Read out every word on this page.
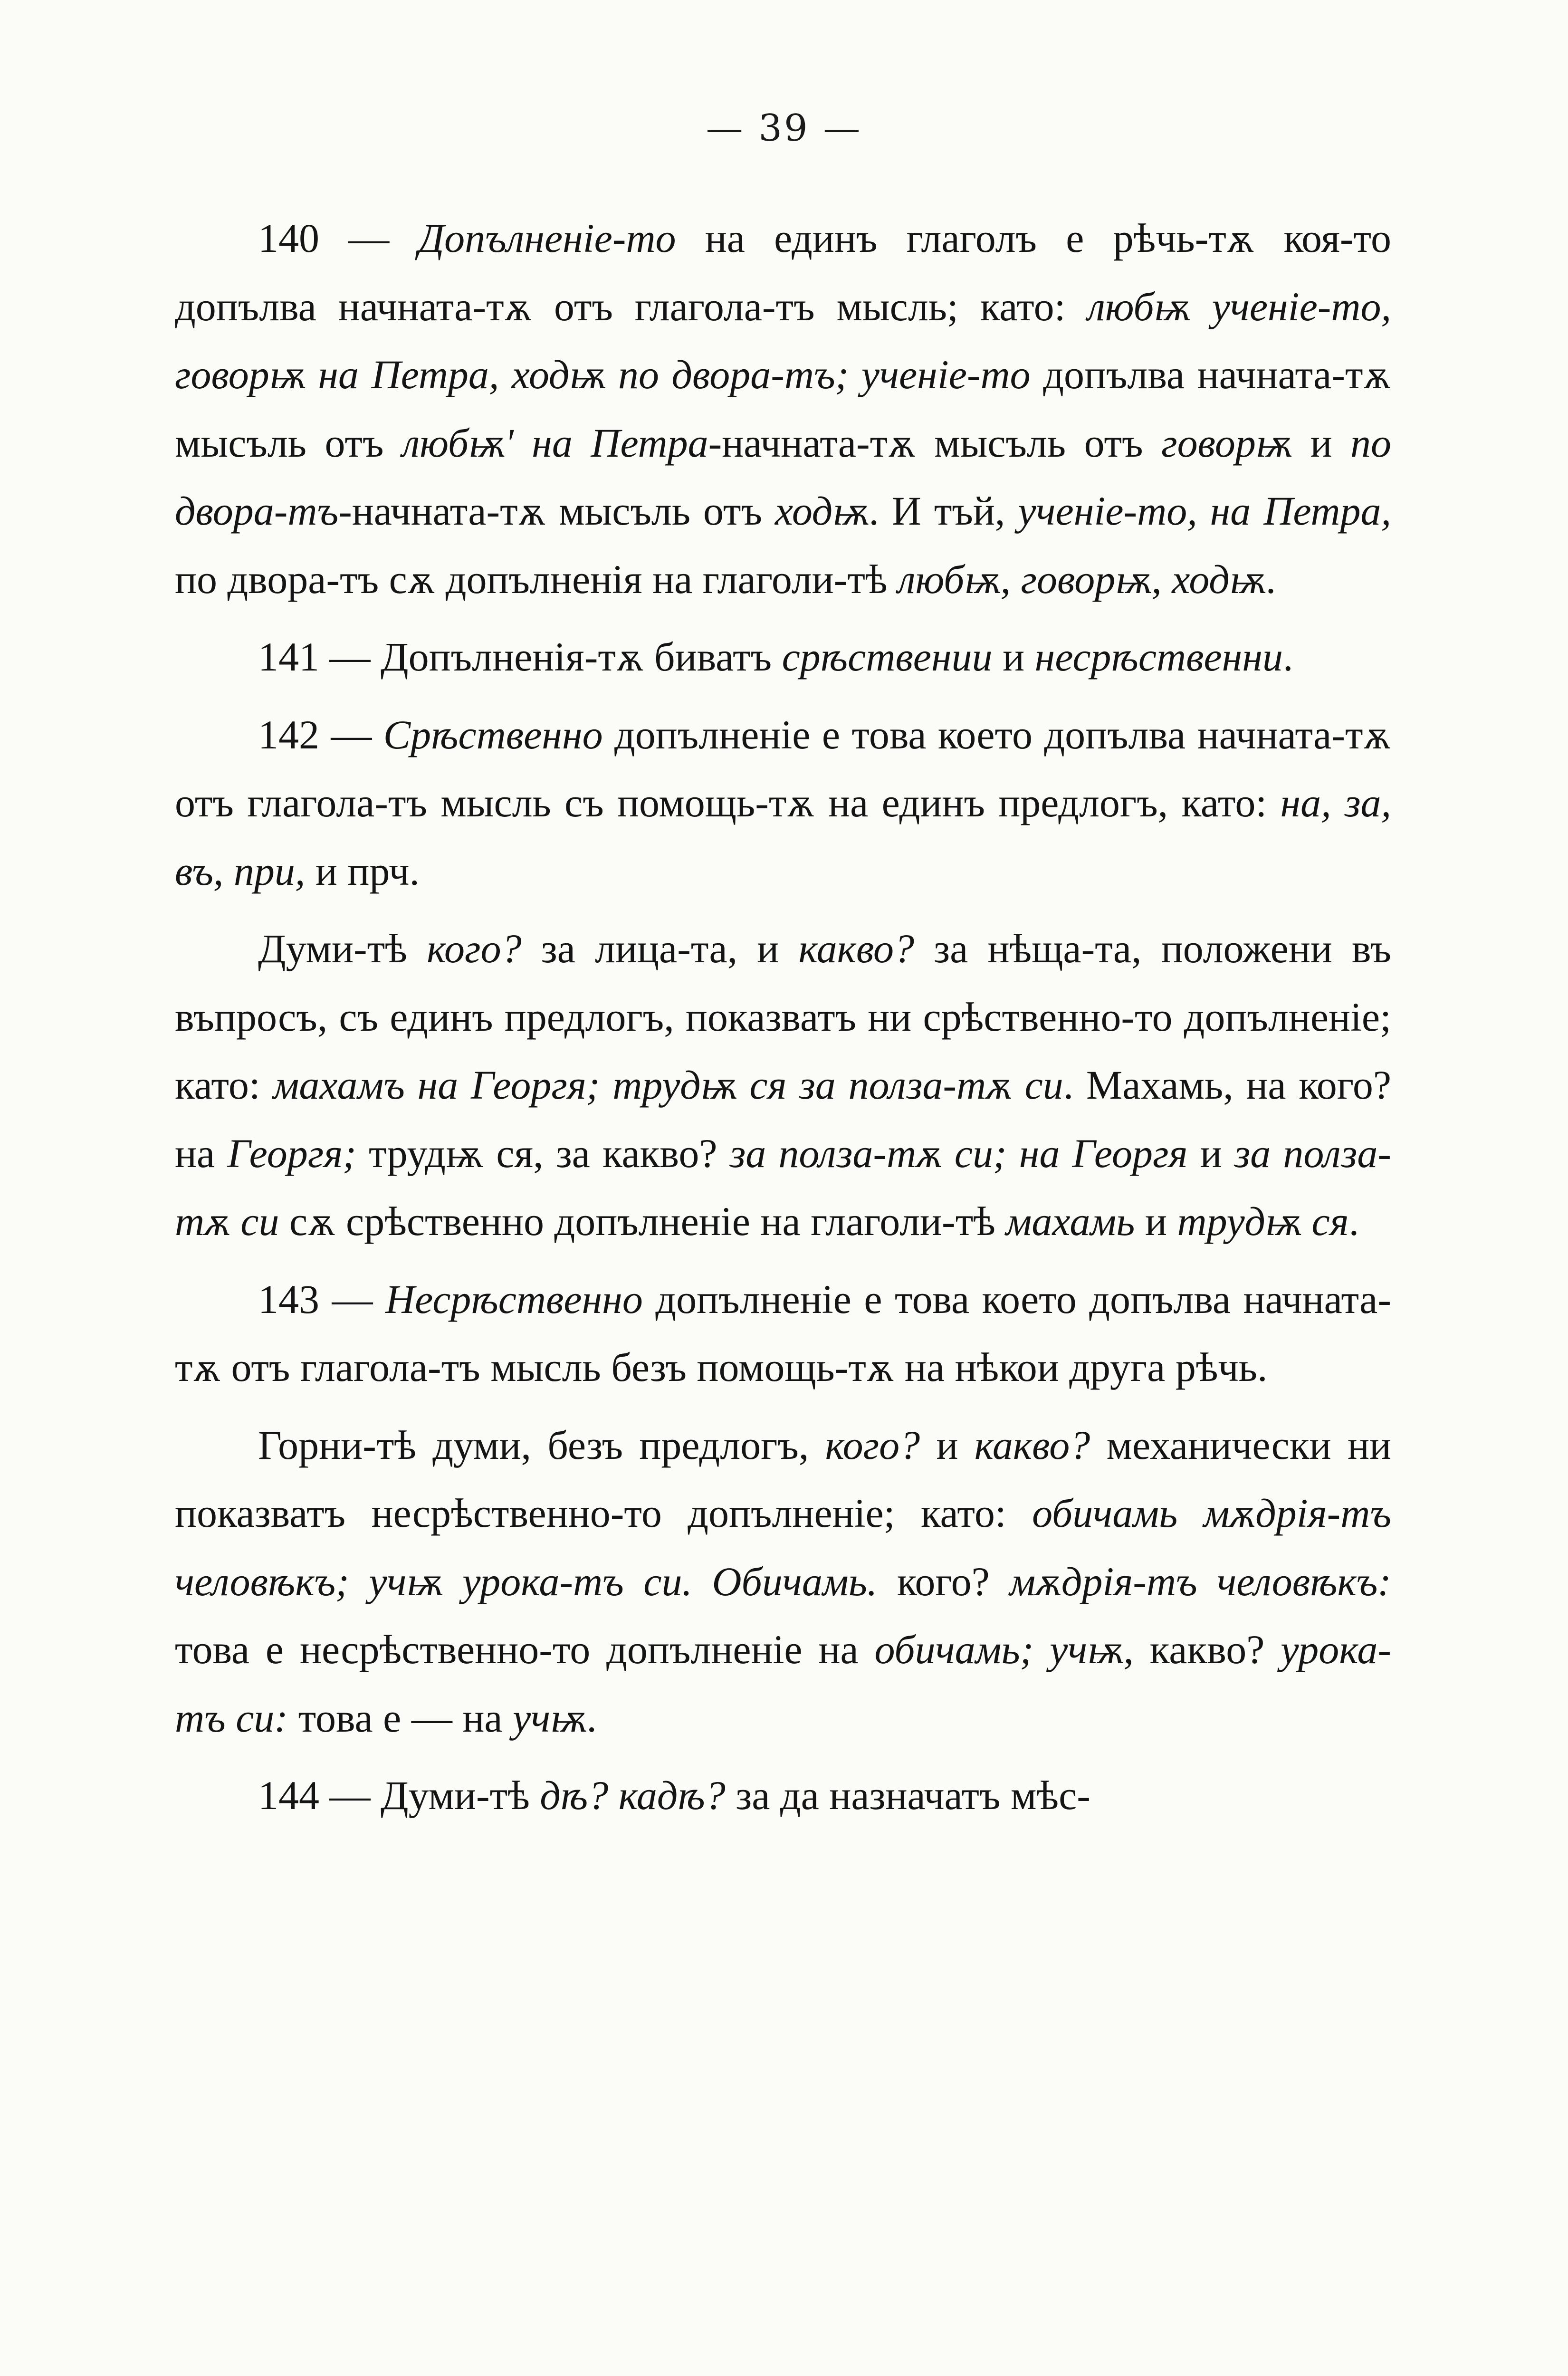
— 39 —

140 — Допълненіе-то на единъ глаголъ е рѣчь-тѫ коя-то допълва начната-тѫ отъ глагола-тъ мысль; като: любѭ ученіе-то, говорѭ на Петра, ходѭ по двора-тъ; ученіе-то допълва начната-тѫ мысъль отъ любѭ' на Петра-начната-тѫ мысъль отъ говорѭ и по двора-тъ-начната-тѫ мысъль отъ ходѭ. И тъй, ученіе-то, на Петра, по двора-тъ сѫ допълненія на глаголи-тѣ любѭ, говорѭ, ходѭ.

141 — Допълненія-тѫ биватъ срѣствении и несрѣственни.

142 — Срѣственно допълненіе е това което допълва начната-тѫ отъ глагола-тъ мысль съ помощь-тѫ на единъ предлогъ, като: на, за, въ, при, и прч.

Думи-тѣ кого? за лица-та, и какво? за нѣща-та, положени въ въпросъ, съ единъ предлогъ, показватъ ни срѣственно-то допълненіе; като: махамъ на Георгя; трудѭ ся за полза-тѫ си. Махамь, на кого? на Георгя; трудѭ ся, за какво? за полза-тѫ си; на Георгя и за полза-тѫ си сѫ срѣственно допълненіе на глаголи-тѣ махамь и трудѭ ся.

143 — Несрѣственно допълненіе е това което допълва начната-тѫ отъ глагола-тъ мысль безъ помощь-тѫ на нѣкои друга рѣчь.

Горни-тѣ думи, безъ предлогъ, кого? и какво? механически ни показватъ несрѣственно-то допълненіе; като: обичамь мѫдрія-тъ человѣкъ; учѭ урока-тъ си. Обичамь. кого? мѫдрія-тъ человѣкъ: това е несрѣственно-то допълненіе на обичамь; учѭ, какво? урока-тъ си: това е — на учѭ.

144 — Думи-тѣ дѣ? кадѣ? за да назначатъ мѣс-
